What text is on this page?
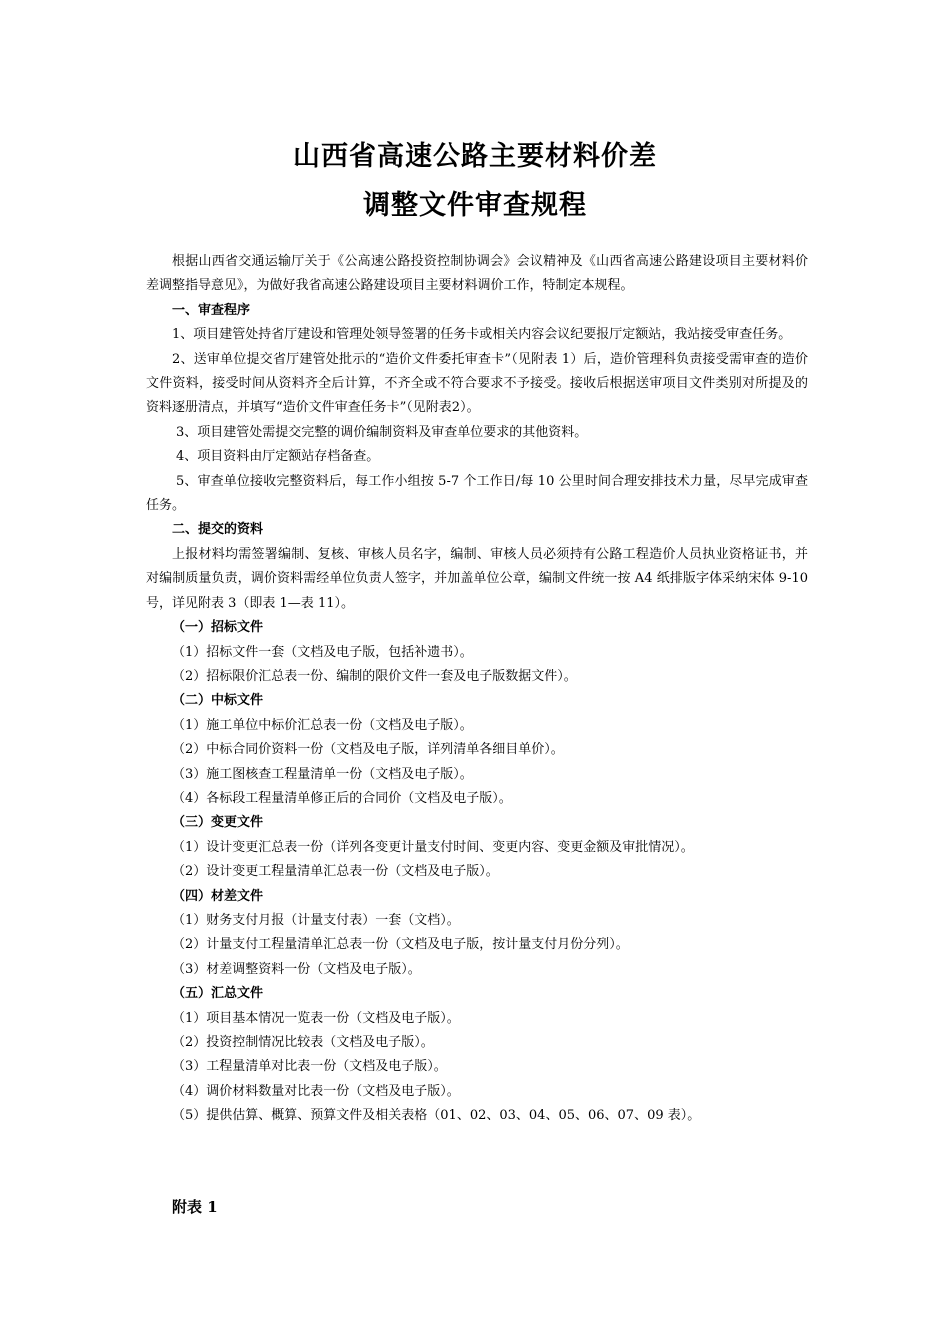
山西省高速公路主要材料价差
调整文件审查规程

根据山西省交通运输厅关于《公高速公路投资控制协调会》会议精神及《山西省高速公路建设项目主要材料价差调整指导意见》，为做好我省高速公路建设项目主要材料调价工作，特制定本规程。

一、审查程序

1、项目建管处持省厅建设和管理处领导签署的任务卡或相关内容会议纪要报厅定额站，我站接受审查任务。

2、送审单位提交省厅建管处批示的“造价文件委托审查卡”（见附表 1）后，造价管理科负责接受需审查的造价文件资料，接受时间从资料齐全后计算，不齐全或不符合要求不予接受。接收后根据送审项目文件类别对所提及的资料逐册清点，并填写“造价文件审查任务卡”（见附表2）。

3、项目建管处需提交完整的调价编制资料及审查单位要求的其他资料。

4、项目资料由厅定额站存档备查。

5、审查单位接收完整资料后，每工作小组按 5-7 个工作日/每 10 公里时间合理安排技术力量，尽早完成审查任务。

二、提交的资料

上报材料均需签署编制、复核、审核人员名字，编制、审核人员必须持有公路工程造价人员执业资格证书，并对编制质量负责，调价资料需经单位负责人签字，并加盖单位公章，编制文件统一按 A4 纸排版字体采纳宋体 9-10 号，详见附表 3（即表 1—表 11）。

（一）招标文件

（1）招标文件一套（文档及电子版，包括补遗书）。

（2）招标限价汇总表一份、编制的限价文件一套及电子版数据文件）。

（二）中标文件

（1）施工单位中标价汇总表一份（文档及电子版）。

（2）中标合同价资料一份（文档及电子版，详列清单各细目单价）。

（3）施工图核查工程量清单一份（文档及电子版）。

（4）各标段工程量清单修正后的合同价（文档及电子版）。

（三）变更文件

（1）设计变更汇总表一份（详列各变更计量支付时间、变更内容、变更金额及审批情况）。

（2）设计变更工程量清单汇总表一份（文档及电子版）。

（四）材差文件

（1）财务支付月报（计量支付表）一套（文档）。

（2）计量支付工程量清单汇总表一份（文档及电子版，按计量支付月份分列）。

（3）材差调整资料一份（文档及电子版）。

（五）汇总文件

（1）项目基本情况一览表一份（文档及电子版）。

（2）投资控制情况比较表（文档及电子版）。

（3）工程量清单对比表一份（文档及电子版）。

（4）调价材料数量对比表一份（文档及电子版）。

（5）提供估算、概算、预算文件及相关表格（01、02、03、04、05、06、07、09 表）。

附表 1
